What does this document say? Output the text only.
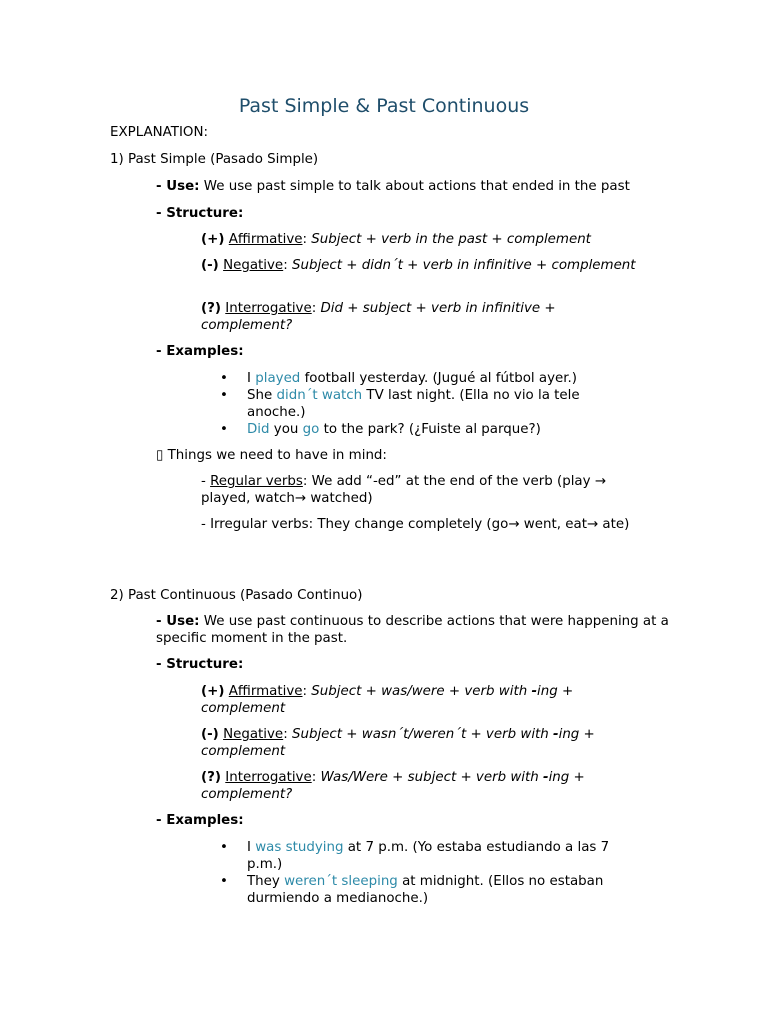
Past Simple & Past Continuous

EXPLANATION:

1) Past Simple (Pasado Simple)

- Use: We use past simple to talk about actions that ended in the past

- Structure:

(+) Affirmative: Subject + verb in the past + complement

(-) Negative: Subject + didn´t + verb in infinitive + complement

(?) Interrogative: Did + subject + verb in infinitive + complement?

- Examples:

•	I played football yesterday. (Jugué al fútbol ayer.)
•	She didn´t watch TV last night. (Ella no vio la tele anoche.)
•	Did you go to the park? (¿Fuiste al parque?)

▯ Things we need to have in mind:

- Regular verbs: We add “-ed” at the end of the verb (play → played, watch→ watched)

- Irregular verbs: They change completely (go→ went, eat→ ate)

2) Past Continuous (Pasado Continuo)

- Use: We use past continuous to describe actions that were happening at a specific moment in the past.

- Structure:

(+) Affirmative: Subject + was/were + verb with -ing + complement

(-) Negative: Subject + wasn´t/weren´t + verb with -ing + complement

(?) Interrogative: Was/Were + subject + verb with -ing + complement?

- Examples:

•	I was studying at 7 p.m. (Yo estaba estudiando a las 7 p.m.)
•	They weren´t sleeping at midnight. (Ellos no estaban durmiendo a medianoche.)
